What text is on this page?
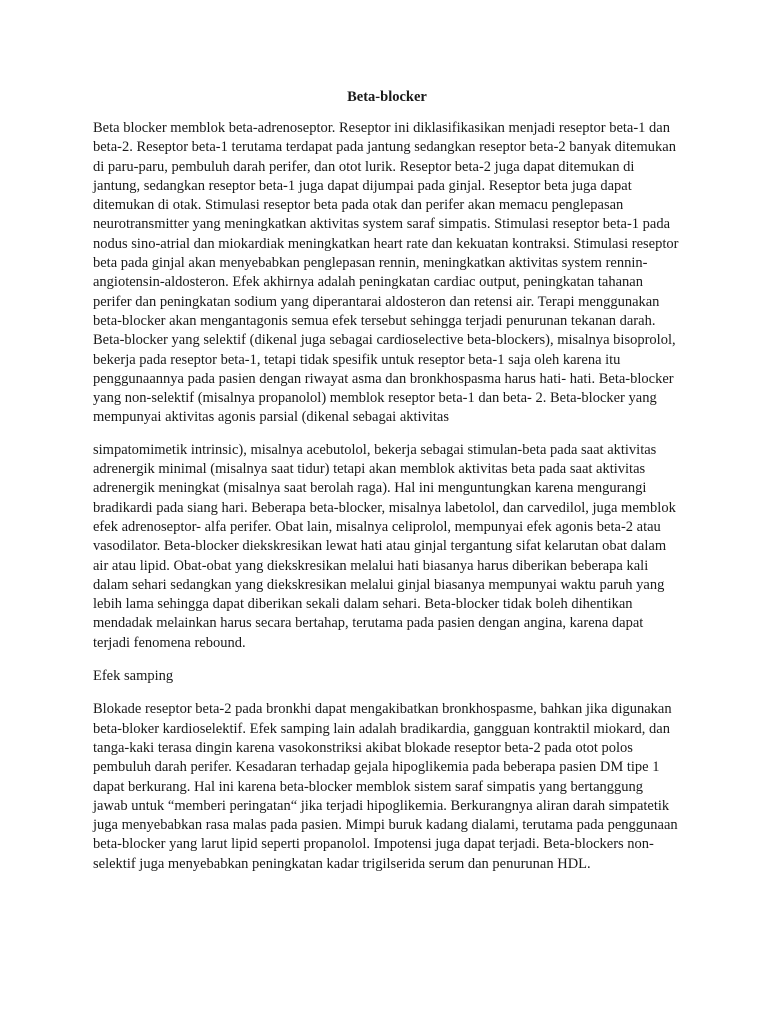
Beta-blocker

Beta blocker memblok beta-adrenoseptor. Reseptor ini diklasifikasikan menjadi reseptor beta-1 dan beta-2. Reseptor beta-1 terutama terdapat pada jantung sedangkan reseptor beta-2 banyak ditemukan di paru-paru, pembuluh darah perifer, dan otot lurik. Reseptor beta-2 juga dapat ditemukan di jantung, sedangkan reseptor beta-1 juga dapat dijumpai pada ginjal. Reseptor beta juga dapat ditemukan di otak. Stimulasi reseptor beta pada otak dan perifer akan memacu penglepasan neurotransmitter yang meningkatkan aktivitas system saraf simpatis. Stimulasi reseptor beta-1 pada nodus sino-atrial dan miokardiak meningkatkan heart rate dan kekuatan kontraksi. Stimulasi reseptor beta pada ginjal akan menyebabkan penglepasan rennin, meningkatkan aktivitas system rennin- angiotensin-aldosteron. Efek akhirnya adalah peningkatan cardiac output, peningkatan tahanan perifer dan peningkatan sodium yang diperantarai aldosteron dan retensi air. Terapi menggunakan beta-blocker akan mengantagonis semua efek tersebut sehingga terjadi penurunan tekanan darah. Beta-blocker yang selektif (dikenal juga sebagai cardioselective beta-blockers), misalnya bisoprolol, bekerja pada reseptor beta-1, tetapi tidak spesifik untuk reseptor beta-1 saja oleh karena itu penggunaannya pada pasien dengan riwayat asma dan bronkhospasma harus hati- hati. Beta-blocker yang non-selektif (misalnya propanolol) memblok reseptor beta-1 dan beta- 2. Beta-blocker yang mempunyai aktivitas agonis parsial (dikenal sebagai aktivitas

simpatomimetik intrinsic), misalnya acebutolol, bekerja sebagai stimulan-beta pada saat aktivitas adrenergik minimal (misalnya saat tidur) tetapi akan memblok aktivitas beta pada saat aktivitas adrenergik meningkat (misalnya saat berolah raga). Hal ini menguntungkan karena mengurangi bradikardi pada siang hari. Beberapa beta-blocker, misalnya labetolol, dan carvedilol, juga memblok efek adrenoseptor- alfa perifer. Obat lain, misalnya celiprolol, mempunyai efek agonis beta-2 atau vasodilator. Beta-blocker diekskresikan lewat hati atau ginjal tergantung sifat kelarutan obat dalam air atau lipid. Obat-obat yang diekskresikan melalui hati biasanya harus diberikan beberapa kali dalam sehari sedangkan yang diekskresikan melalui ginjal biasanya mempunyai waktu paruh yang lebih lama sehingga dapat diberikan sekali dalam sehari. Beta-blocker tidak boleh dihentikan mendadak melainkan harus secara bertahap, terutama pada pasien dengan angina, karena dapat terjadi fenomena rebound.

Efek samping

Blokade reseptor beta-2 pada bronkhi dapat mengakibatkan bronkhospasme, bahkan jika digunakan beta-bloker kardioselektif. Efek samping lain adalah bradikardia, gangguan kontraktil miokard, dan tanga-kaki terasa dingin karena vasokonstriksi akibat blokade reseptor beta-2 pada otot polos pembuluh darah perifer. Kesadaran terhadap gejala hipoglikemia pada beberapa pasien DM tipe 1 dapat berkurang. Hal ini karena beta-blocker memblok sistem saraf simpatis yang bertanggung jawab untuk “memberi peringatan“ jika terjadi hipoglikemia. Berkurangnya aliran darah simpatetik juga menyebabkan rasa malas pada pasien. Mimpi buruk kadang dialami, terutama pada penggunaan beta-blocker yang larut lipid seperti propanolol. Impotensi juga dapat terjadi. Beta-blockers non-selektif juga menyebabkan peningkatan kadar trigilserida serum dan penurunan HDL.
